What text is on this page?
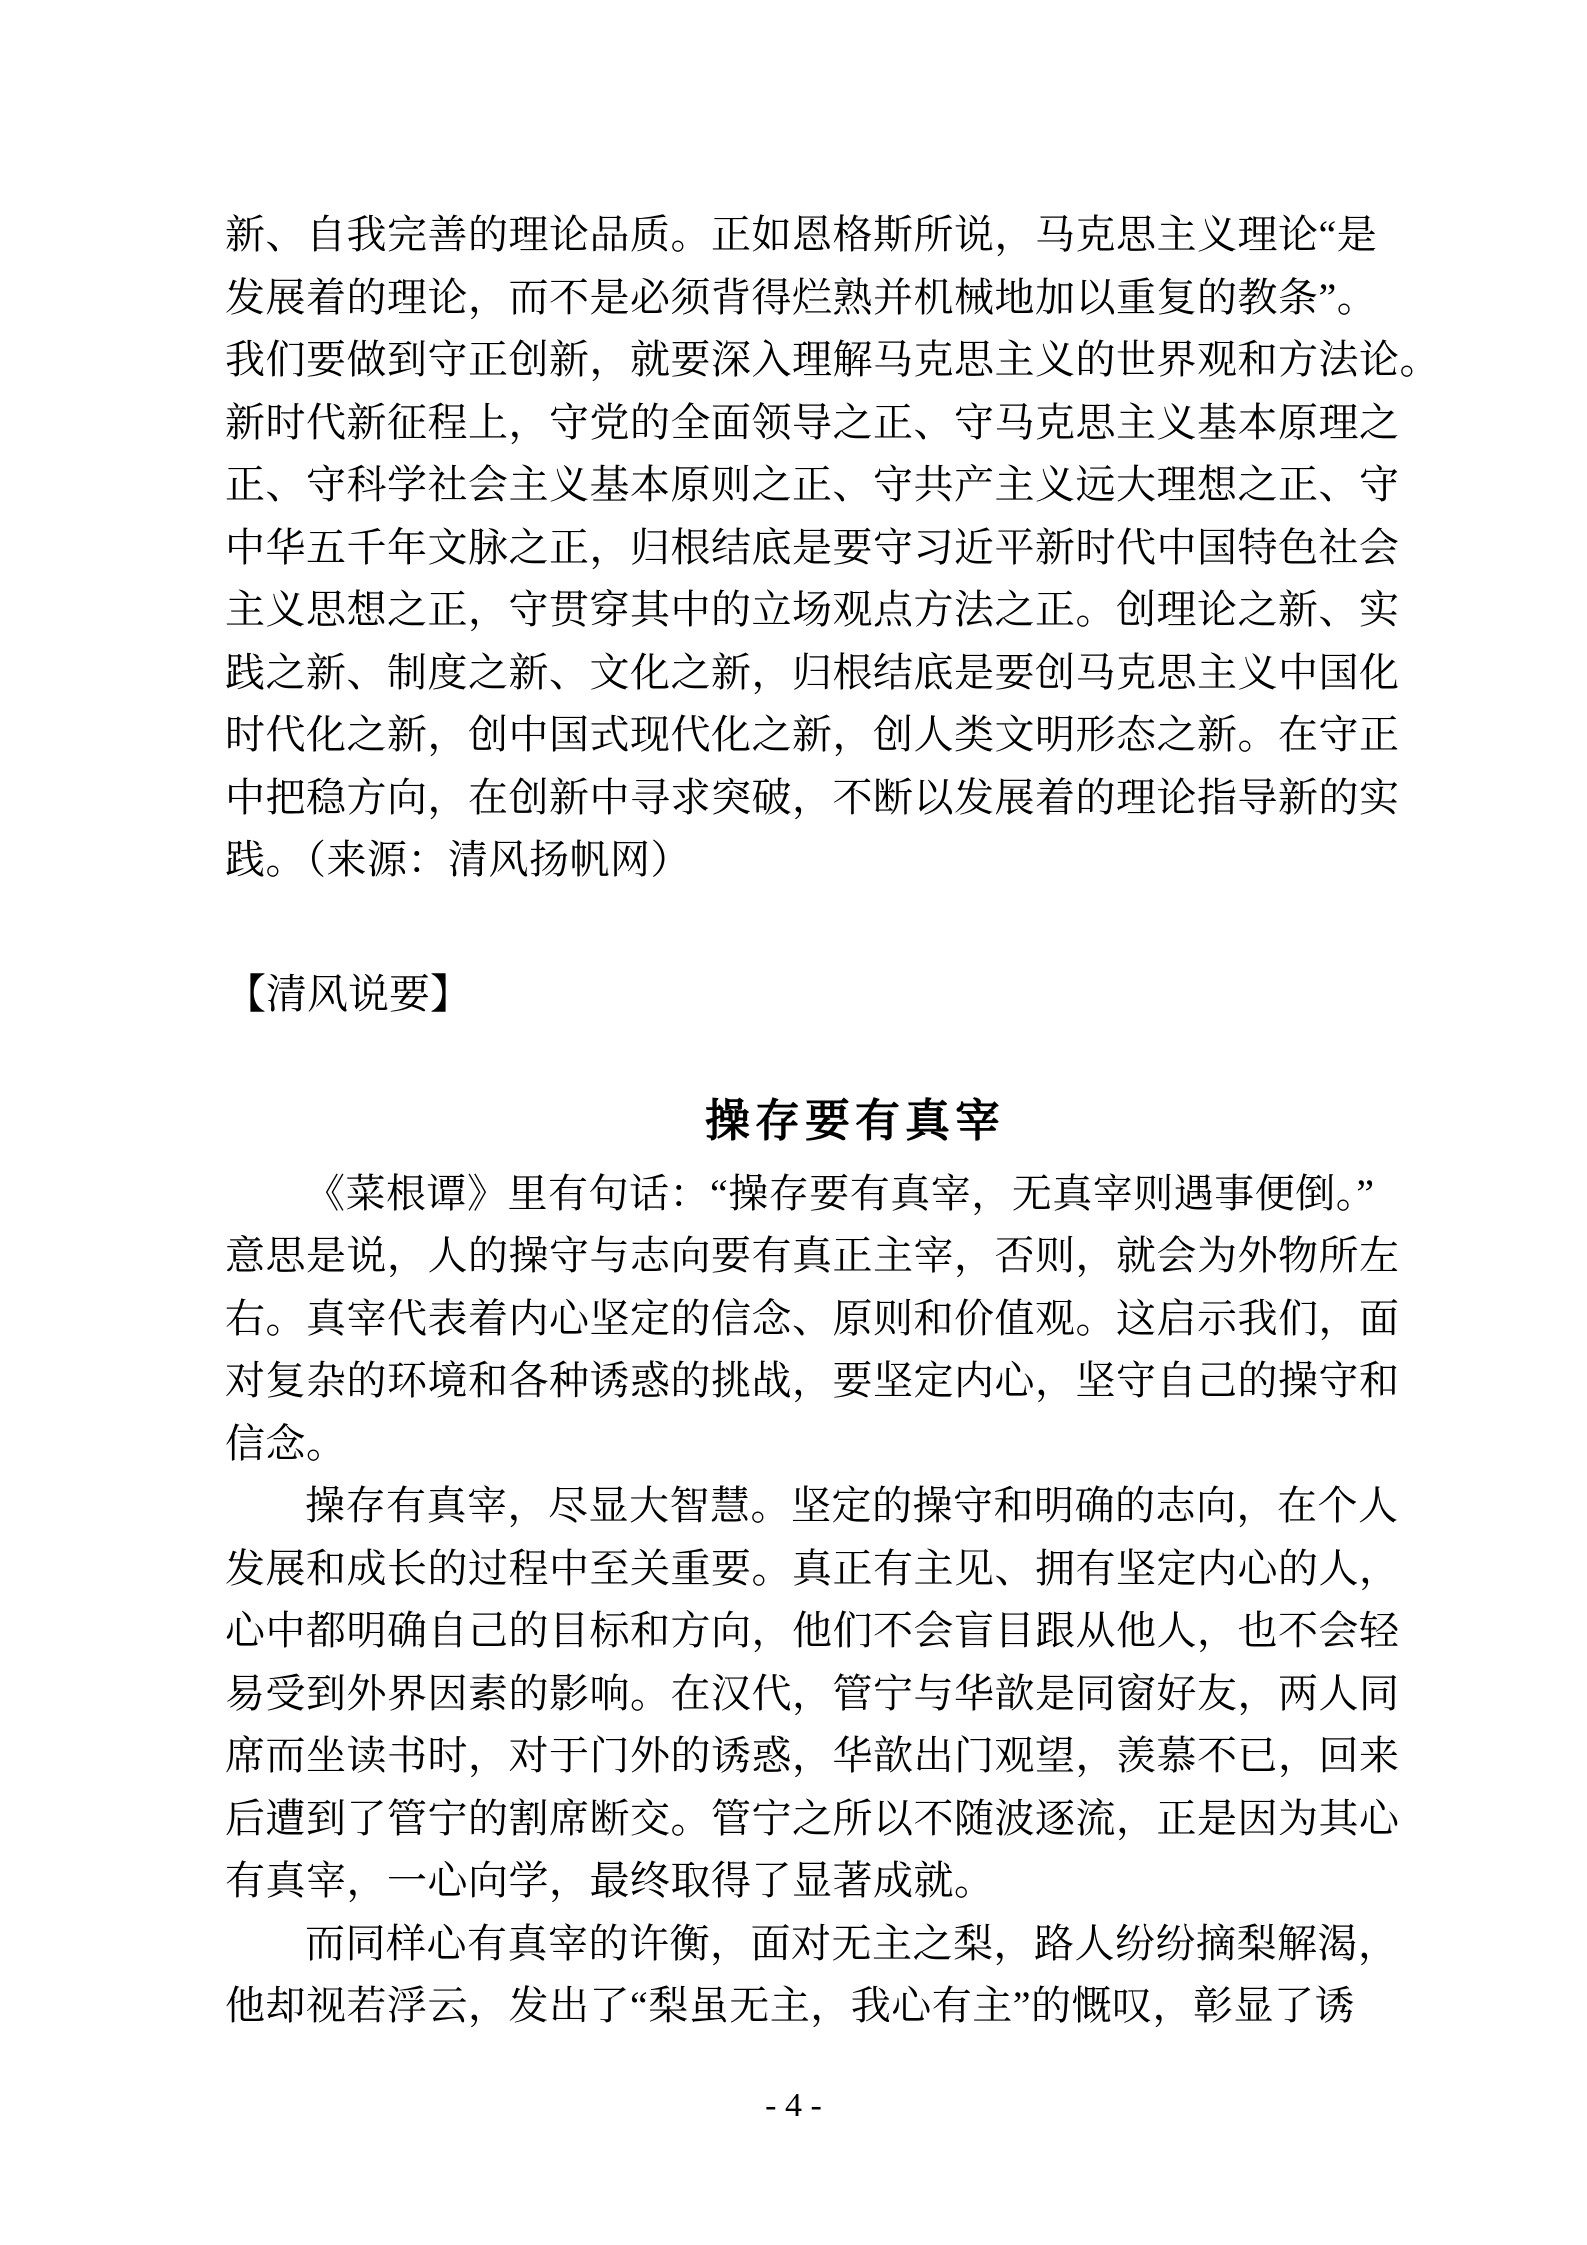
新、自我完善的理论品质。正如恩格斯所说，马克思主义理论“是
发展着的理论，而不是必须背得烂熟并机械地加以重复的教条”。
我们要做到守正创新，就要深入理解马克思主义的世界观和方法论。
新时代新征程上，守党的全面领导之正、守马克思主义基本原理之
正、守科学社会主义基本原则之正、守共产主义远大理想之正、守
中华五千年文脉之正，归根结底是要守习近平新时代中国特色社会
主义思想之正，守贯穿其中的立场观点方法之正。创理论之新、实
践之新、制度之新、文化之新，归根结底是要创马克思主义中国化
时代化之新，创中国式现代化之新，创人类文明形态之新。在守正
中把稳方向，在创新中寻求突破，不断以发展着的理论指导新的实
践。（来源：清风扬帆网）
【清风说要】
操存要有真宰
《菜根谭》里有句话：“操存要有真宰，无真宰则遇事便倒。”
意思是说，人的操守与志向要有真正主宰，否则，就会为外物所左
右。真宰代表着内心坚定的信念、原则和价值观。这启示我们，面
对复杂的环境和各种诱惑的挑战，要坚定内心，坚守自己的操守和
信念。
操存有真宰，尽显大智慧。坚定的操守和明确的志向，在个人
发展和成长的过程中至关重要。真正有主见、拥有坚定内心的人，
心中都明确自己的目标和方向，他们不会盲目跟从他人，也不会轻
易受到外界因素的影响。在汉代，管宁与华歆是同窗好友，两人同
席而坐读书时，对于门外的诱惑，华歆出门观望，羡慕不已，回来
后遭到了管宁的割席断交。管宁之所以不随波逐流，正是因为其心
有真宰，一心向学，最终取得了显著成就。
而同样心有真宰的许衡，面对无主之梨，路人纷纷摘梨解渴，
他却视若浮云，发出了“梨虽无主，我心有主”的慨叹，彰显了诱
- 4 -
